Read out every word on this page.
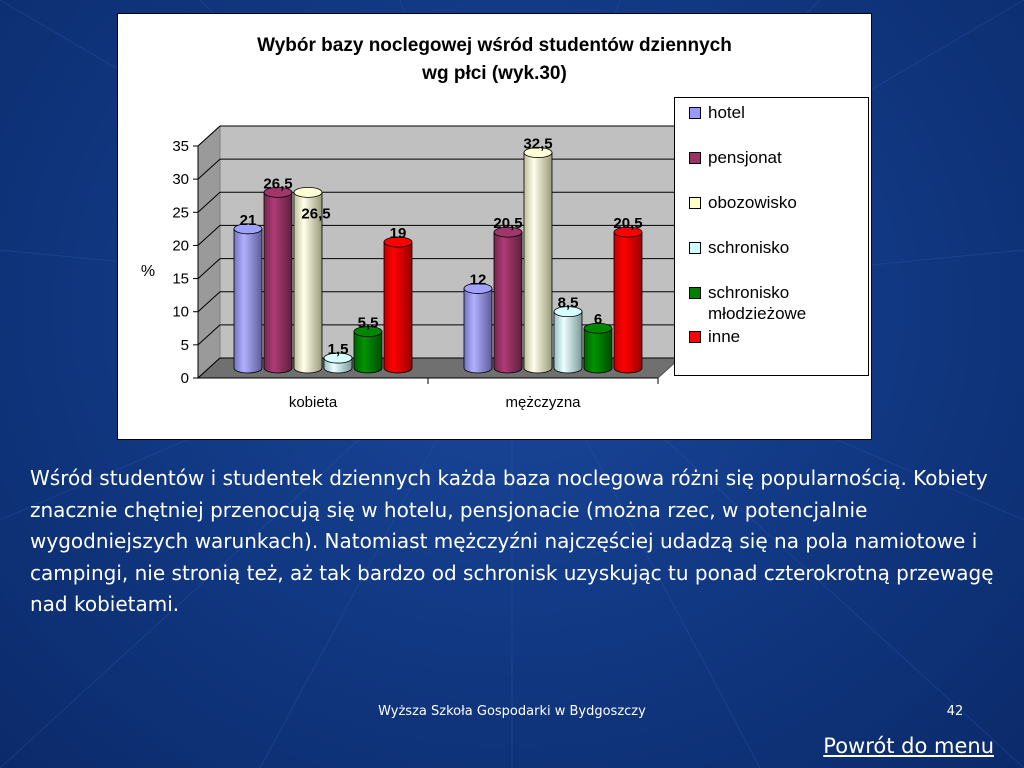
Wybór bazy noclegowej wśród studentów dziennych
wg płci (wyk.30)
0
5
10
15
20
25
30
35
%
kobieta	mężczyzna
21
26,5
26,5
1,5
5,5
19
12
20,5
32,5
8,5
6
20,5
hotel
pensjonat
obozowisko
schronisko
schronisko młodzieżowe
inne
Wśród studentów i studentek dziennych każda baza noclegowa różni się popularnością. Kobiety znacznie chętniej przenocują się w hotelu, pensjonacie (można rzec, w potencjalnie wygodniejszych warunkach). Natomiast mężczyźni najczęściej udadzą się na pola namiotowe i campingi, nie stronią też, aż tak bardzo od schronisk uzyskując tu ponad czterokrotną przewagę nad kobietami.
Wyższa Szkoła Gospodarki w Bydgoszczy	42
Powrót do menu
